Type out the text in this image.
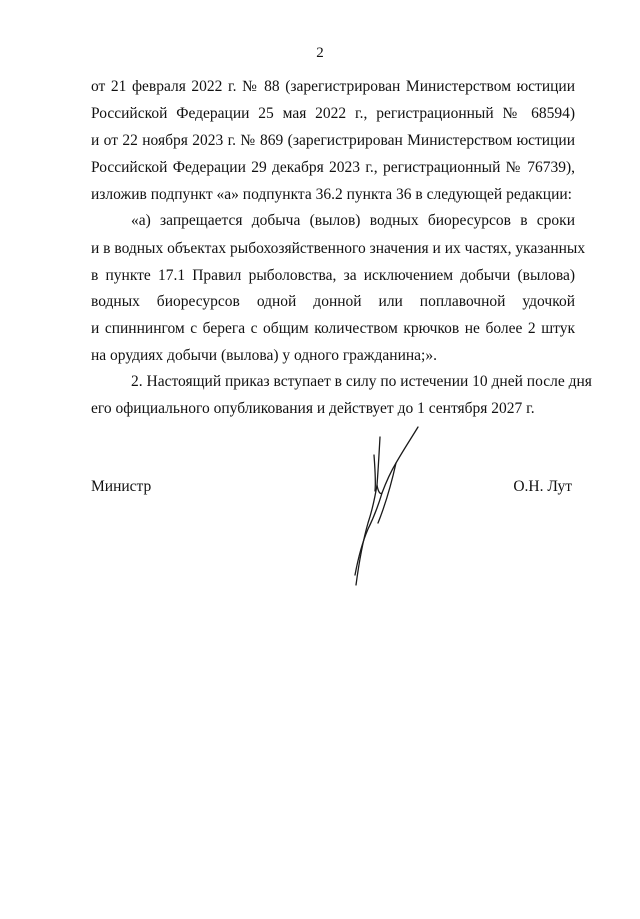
2
от 21 февраля 2022 г. № 88 (зарегистрирован Министерством юстиции
Российской Федерации 25 мая 2022 г., регистрационный № 68594)
и от 22 ноября 2023 г. № 869 (зарегистрирован Министерством юстиции
Российской Федерации 29 декабря 2023 г., регистрационный № 76739),
изложив подпункт «а» подпункта 36.2 пункта 36 в следующей редакции:
«а) запрещается добыча (вылов) водных биоресурсов в сроки
и в водных объектах рыбохозяйственного значения и их частях, указанных
в пункте 17.1 Правил рыболовства, за исключением добычи (вылова)
водных биоресурсов одной донной или поплавочной удочкой
и спиннингом с берега с общим количеством крючков не более 2 штук
на орудиях добычи (вылова) у одного гражданина;».
2. Настоящий приказ вступает в силу по истечении 10 дней после дня
его официального опубликования и действует до 1 сентября 2027 г.
Министр	О.Н. Лут
